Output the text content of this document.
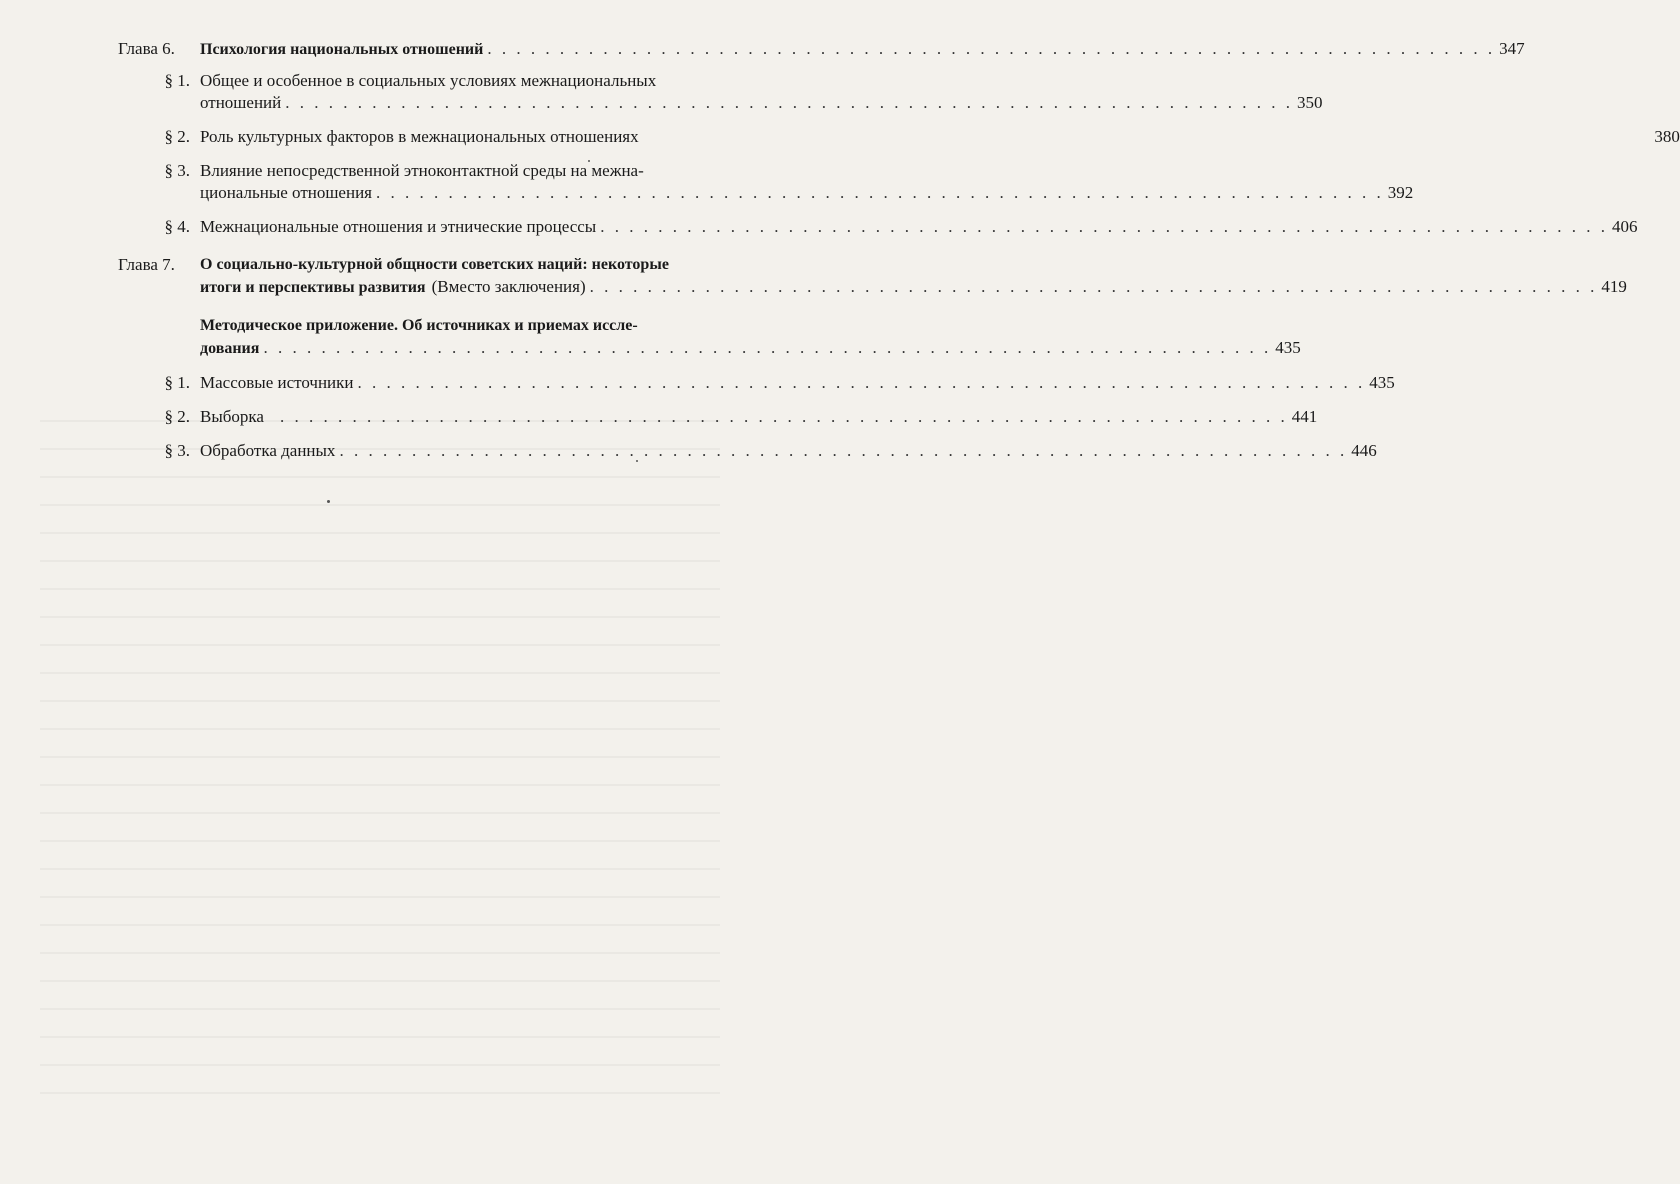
Глава 6.	Психология национальных отношений . . .	347
§ 1. Общее и особенное в социальных условиях межнациональных
отношений . . .	350
§ 2. Роль культурных факторов в межнациональных отношениях	380
§ 3. Влияние непосредственной этноконтактной среды на межна-
циональные отношения . . .	392
§ 4. Межнациональные отношения и этнические процессы . . .	406
Глава 7.	О социально-культурной общности советских наций: некоторые
итоги и перспективы развития (Вместо заключения) . . .	419
Методическое приложение. Об источниках и приемах иссле-
дования . . .	435
§ 1. Массовые источники . . .	435
§ 2. Выборка . . .	441
§ 3. Обработка данных . . .	446
